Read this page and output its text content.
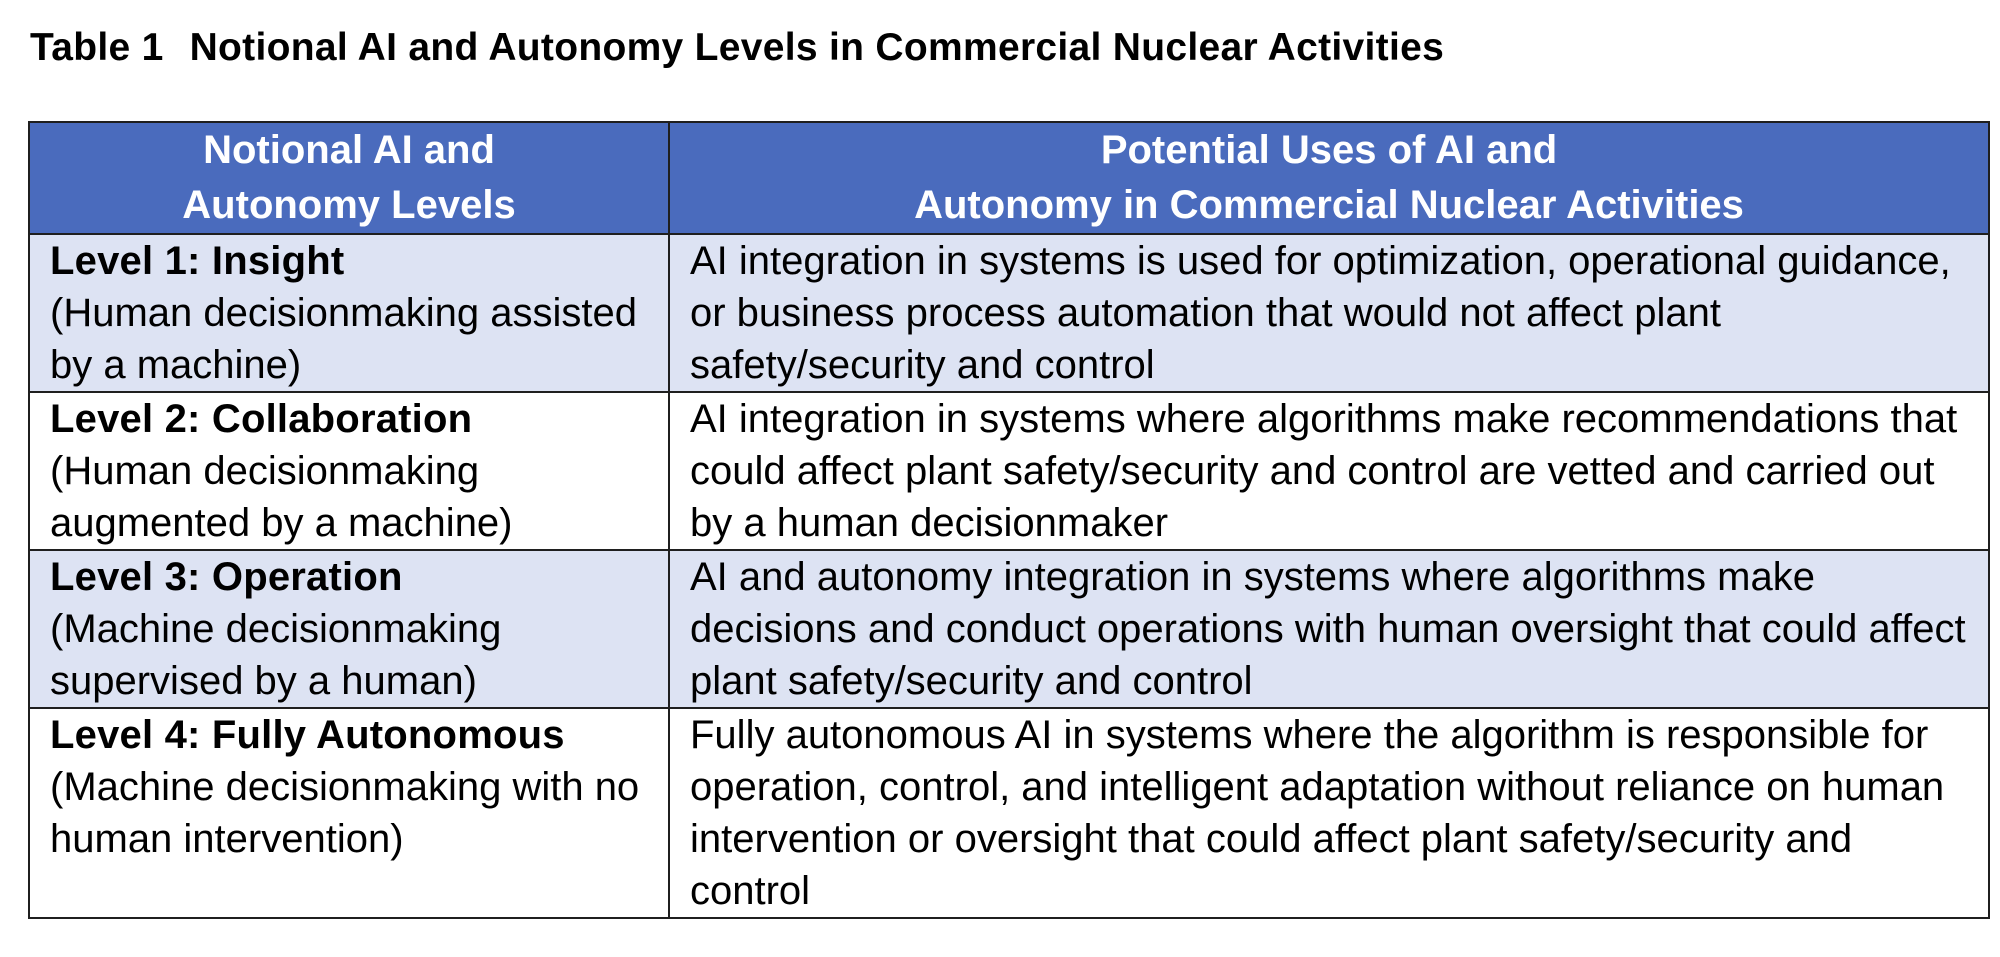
Table 1 Notional AI and Autonomy Levels in Commercial Nuclear Activities
Notional AI and
Autonomy Levels	Potential Uses of AI and
Autonomy in Commercial Nuclear Activities

Level 1: Insight
(Human decisionmaking assisted by a machine)	AI integration in systems is used for optimization, operational guidance, or business process automation that would not affect plant safety/security and control

Level 2: Collaboration
(Human decisionmaking augmented by a machine)	AI integration in systems where algorithms make recommendations that could affect plant safety/security and control are vetted and carried out by a human decisionmaker

Level 3: Operation
(Machine decisionmaking supervised by a human)	AI and autonomy integration in systems where algorithms make decisions and conduct operations with human oversight that could affect plant safety/security and control

Level 4: Fully Autonomous
(Machine decisionmaking with no human intervention)	Fully autonomous AI in systems where the algorithm is responsible for operation, control, and intelligent adaptation without reliance on human intervention or oversight that could affect plant safety/security and control
